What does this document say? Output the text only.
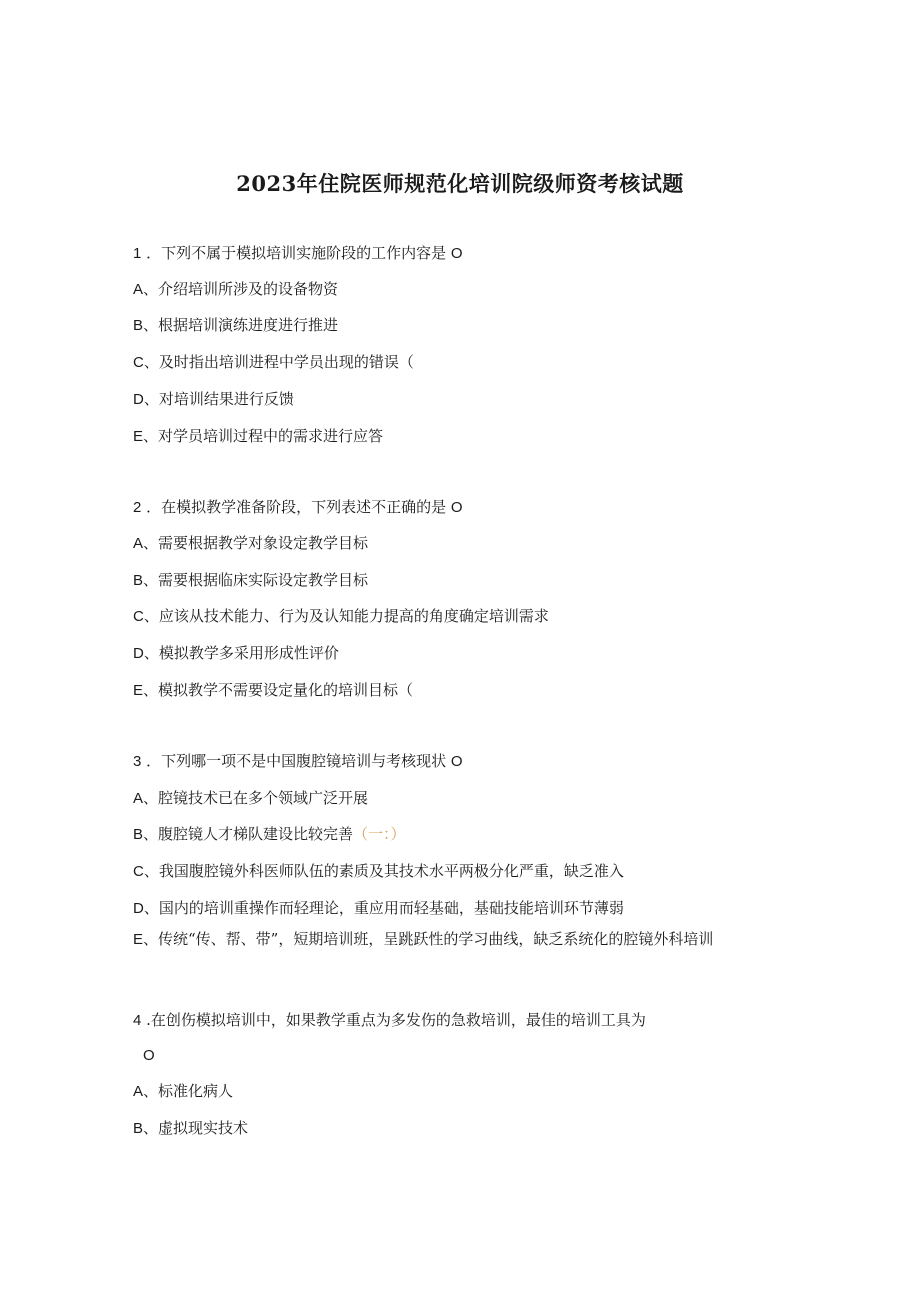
2023年住院医师规范化培训院级师资考核试题
1 ．下列不属于模拟培训实施阶段的工作内容是 O
A、介绍培训所涉及的设备物资
B、根据培训演练进度进行推进
C、及时指出培训进程中学员出现的错误（
D、对培训结果进行反馈
E、对学员培训过程中的需求进行应答
2 ．在模拟教学准备阶段，下列表述不正确的是 O
A、需要根据教学对象设定教学目标
B、需要根据临床实际设定教学目标
C、应该从技术能力、行为及认知能力提高的角度确定培训需求
D、模拟教学多采用形成性评价
E、模拟教学不需要设定量化的培训目标（
3 ．下列哪一项不是中国腹腔镜培训与考核现状 O
A、腔镜技术已在多个领域广泛开展
B、腹腔镜人才梯队建设比较完善（一：）
C、我国腹腔镜外科医师队伍的素质及其技术水平两极分化严重，缺乏准入
D、国内的培训重操作而轻理论，重应用而轻基础，基础技能培训环节薄弱
E、传统“传、帮、带”，短期培训班，呈跳跃性的学习曲线，缺乏系统化的腔镜外科培训
4 .在创伤模拟培训中，如果教学重点为多发伤的急救培训，最佳的培训工具为
O
A、标准化病人
B、虚拟现实技术
